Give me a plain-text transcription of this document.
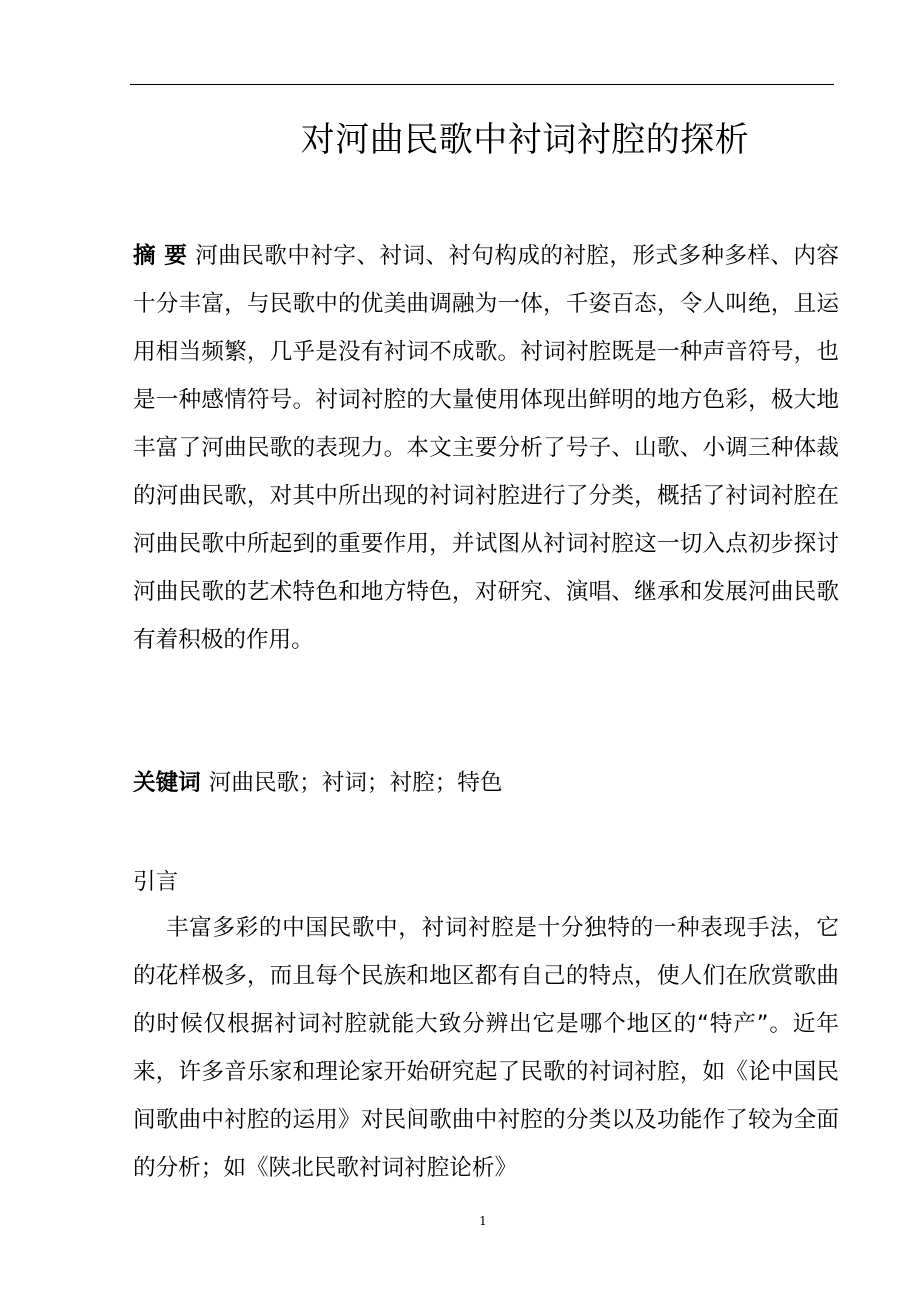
对河曲民歌中衬词衬腔的探析

摘 要 河曲民歌中衬字、衬词、衬句构成的衬腔，形式多种多样、内容十分丰富，与民歌中的优美曲调融为一体，千姿百态，令人叫绝，且运用相当频繁，几乎是没有衬词不成歌。衬词衬腔既是一种声音符号，也是一种感情符号。衬词衬腔的大量使用体现出鲜明的地方色彩，极大地丰富了河曲民歌的表现力。本文主要分析了号子、山歌、小调三种体裁的河曲民歌，对其中所出现的衬词衬腔进行了分类，概括了衬词衬腔在河曲民歌中所起到的重要作用，并试图从衬词衬腔这一切入点初步探讨河曲民歌的艺术特色和地方特色，对研究、演唱、继承和发展河曲民歌有着积极的作用。

关键词 河曲民歌；衬词；衬腔；特色

引言

丰富多彩的中国民歌中，衬词衬腔是十分独特的一种表现手法，它的花样极多，而且每个民族和地区都有自己的特点，使人们在欣赏歌曲的时候仅根据衬词衬腔就能大致分辨出它是哪个地区的“特产”。近年来，许多音乐家和理论家开始研究起了民歌的衬词衬腔，如《论中国民间歌曲中衬腔的运用》对民间歌曲中衬腔的分类以及功能作了较为全面的分析；如《陕北民歌衬词衬腔论析》

1
